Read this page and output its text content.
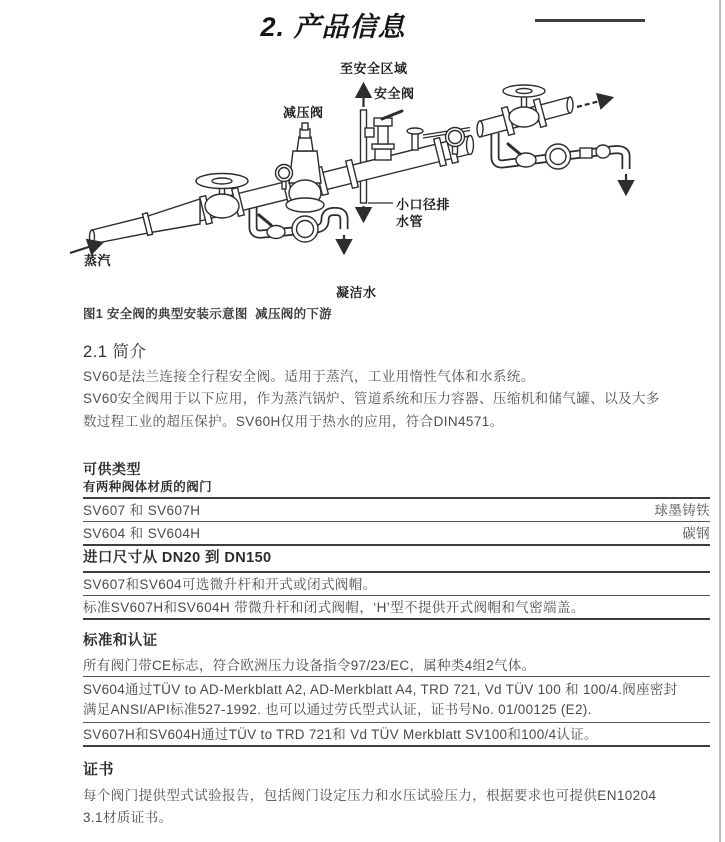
2. 产品信息
至安全区域
安全阀
减压阀
小口径排
水管
蒸汽
凝洁水
图1 安全阀的典型安装示意图  减压阀的下游
2.1 简介
SV60是法兰连接全行程安全阀。适用于蒸汽，工业用惰性气体和水系统。
SV60安全阀用于以下应用，作为蒸汽锅炉、管道系统和压力容器、压缩机和储气罐、以及大多
数过程工业的超压保护。SV60H仅用于热水的应用，符合DIN4571。
可供类型
有两种阀体材质的阀门
SV607 和 SV607H	球墨铸铁
SV604 和 SV604H	碳钢
进口尺寸从 DN20 到 DN150
SV607和SV604可选微升杆和开式或闭式阀帽。
标准SV607H和SV604H 带微升杆和闭式阀帽，‘H’型不提供开式阀帽和气密端盖。
标准和认证
所有阀门带CE标志，符合欧洲压力设备指令97/23/EC，属种类4组2气体。
SV604通过TÜV to AD-Merkblatt A2, AD-Merkblatt A4, TRD 721, Vd TÜV 100 和 100/4.阀座密封
满足ANSI/API标准527-1992. 也可以通过劳氏型式认证，证书号No. 01/00125 (E2).
SV607H和SV604H通过TÜV to TRD 721和 Vd TÜV Merkblatt SV100和100/4认证。
证书
每个阀门提供型式试验报告，包括阀门设定压力和水压试验压力，根据要求也可提供EN10204
3.1材质证书。
